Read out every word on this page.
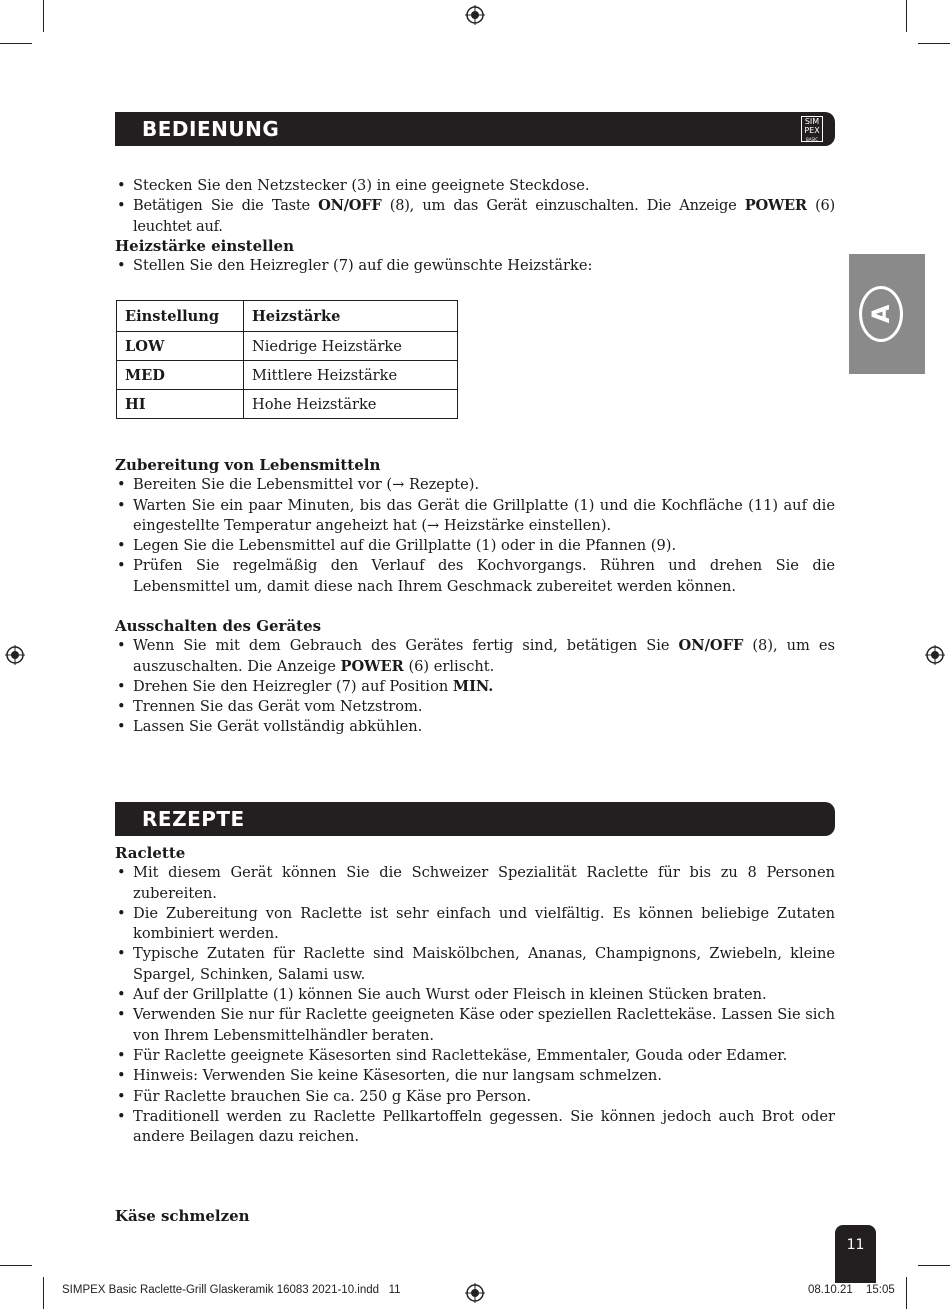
BEDIENUNG	SIM
PEX
BASIC
A
• Stecken Sie den Netzstecker (3) in eine geeignete Steckdose.
• Betätigen Sie die Taste ON/OFF (8), um das Gerät einzuschalten. Die Anzeige POWER (6) leuchtet auf.

Heizstärke einstellen

• Stellen Sie den Heizregler (7) auf die gewünschte Heizstärke:
Einstellung	Heizstärke
LOW	Niedrige Heizstärke
MED	Mittlere Heizstärke
HI	Hohe Heizstärke

Zubereitung von Lebensmitteln

• Bereiten Sie die Lebensmittel vor (→ Rezepte).
• Warten Sie ein paar Minuten, bis das Gerät die Grillplatte (1) und die Kochfläche (11) auf die eingestellte Temperatur angeheizt hat (→ Heizstärke einstellen).
• Legen Sie die Lebensmittel auf die Grillplatte (1) oder in die Pfannen (9).
• Prüfen Sie regelmäßig den Verlauf des Kochvorgangs. Rühren und drehen Sie die Lebensmittel um, damit diese nach Ihrem Geschmack zubereitet werden können.

Ausschalten des Gerätes

• Wenn Sie mit dem Gebrauch des Gerätes fertig sind, betätigen Sie ON/OFF (8), um es auszuschalten. Die Anzeige POWER (6) erlischt.
• Drehen Sie den Heizregler (7) auf Position MIN.
• Trennen Sie das Gerät vom Netzstrom.
• Lassen Sie Gerät vollständig abkühlen.
REZEPTE

Raclette

• Mit diesem Gerät können Sie die Schweizer Spezialität Raclette für bis zu 8 Personen zubereiten.
• Die Zubereitung von Raclette ist sehr einfach und vielfältig. Es können beliebige Zutaten kombiniert werden.
• Typische Zutaten für Raclette sind Maiskölbchen, Ananas, Champignons, Zwiebeln, kleine Spargel, Schinken, Salami usw.
• Auf der Grillplatte (1) können Sie auch Wurst oder Fleisch in kleinen Stücken braten.
• Verwenden Sie nur für Raclette geeigneten Käse oder speziellen Raclettekäse. Lassen Sie sich von Ihrem Lebensmittelhändler beraten.
• Für Raclette geeignete Käsesorten sind Raclettekäse, Emmentaler, Gouda oder Edamer.
• Hinweis: Verwenden Sie keine Käsesorten, die nur langsam schmelzen.
• Für Raclette brauchen Sie ca. 250 g Käse pro Person.
• Traditionell werden zu Raclette Pellkartoffeln gegessen. Sie können jedoch auch Brot oder andere Beilagen dazu reichen.

Käse schmelzen

11
SIMPEX Basic Raclette-Grill Glaskeramik 16083 2021-10.indd   11	08.10.21 15:05
